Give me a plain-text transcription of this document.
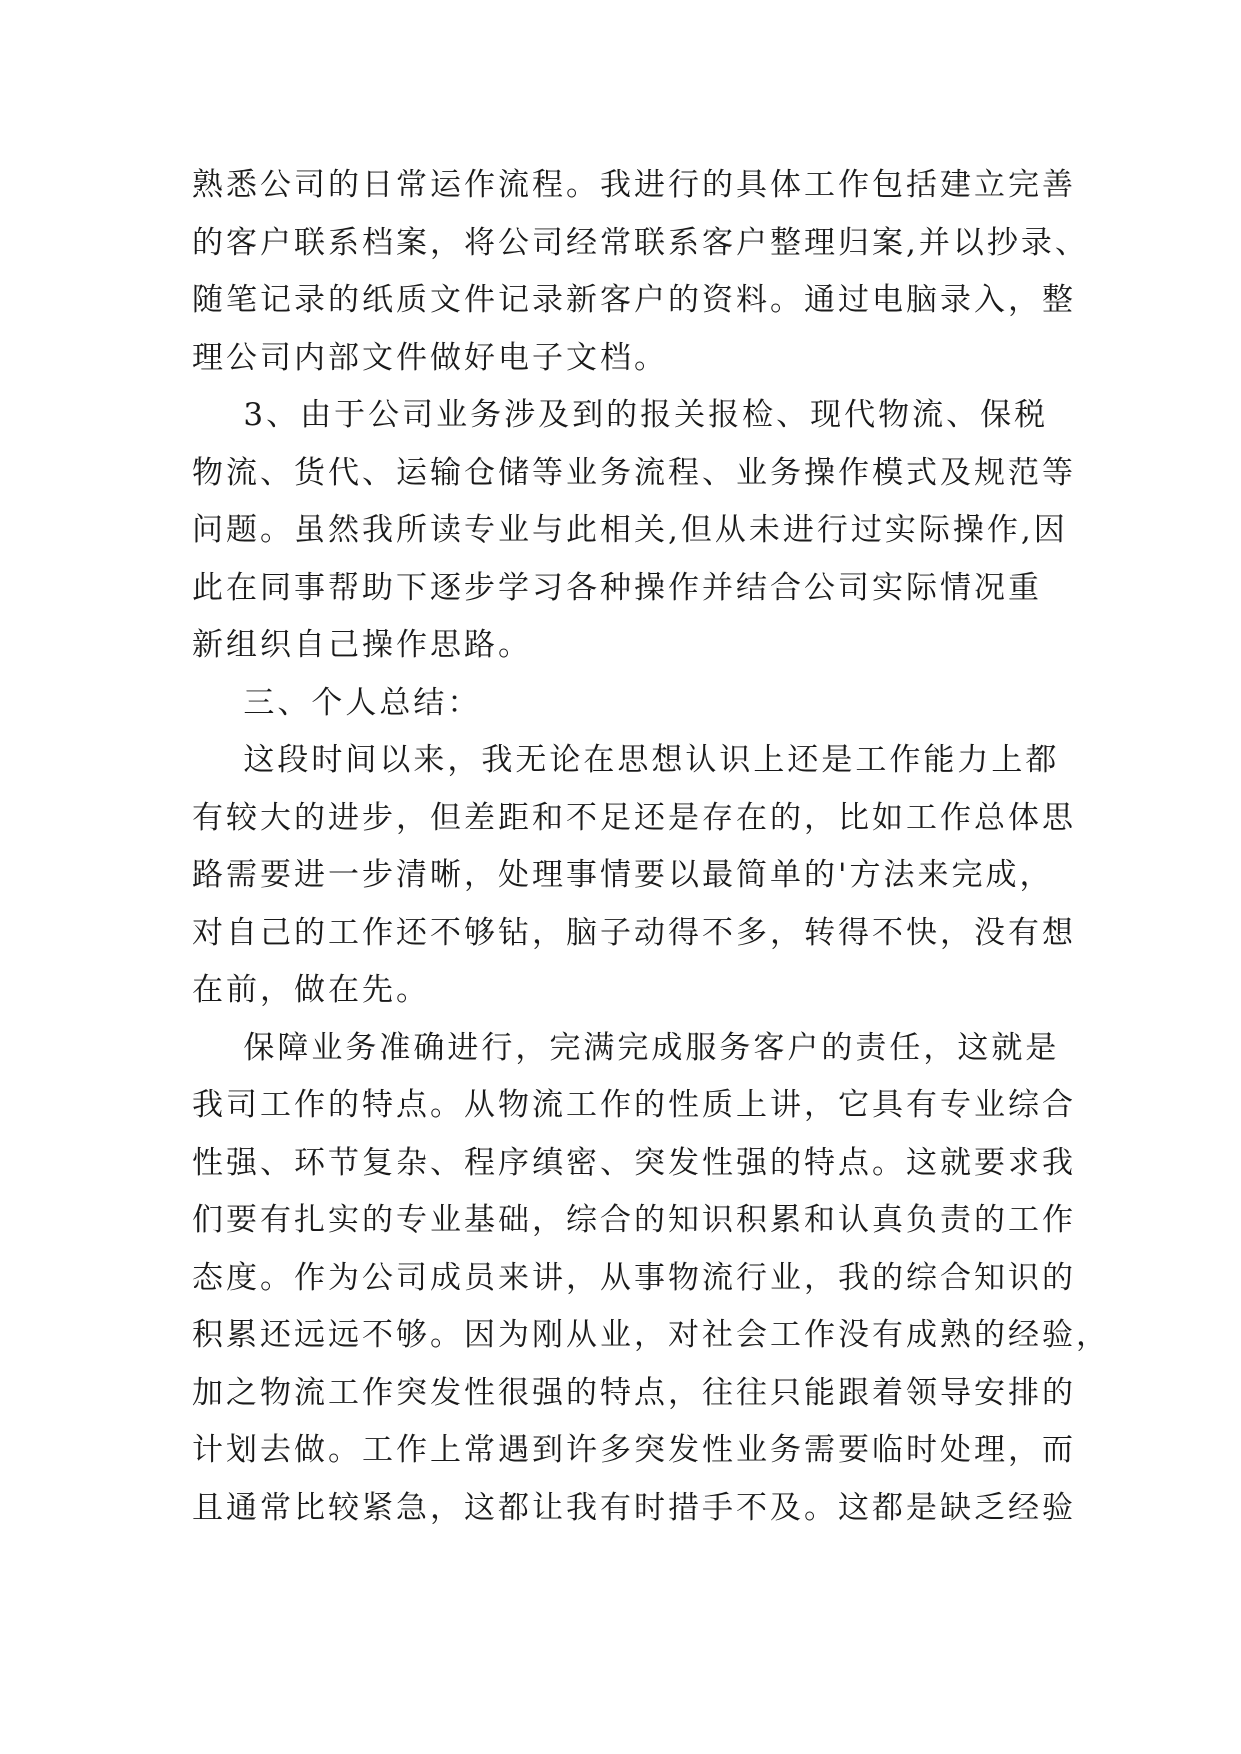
熟悉公司的日常运作流程。我进行的具体工作包括建立完善
的客户联系档案，将公司经常联系客户整理归案,并以抄录、
随笔记录的纸质文件记录新客户的资料。通过电脑录入，整
理公司内部文件做好电子文档。
3、由于公司业务涉及到的报关报检、现代物流、保税
物流、货代、运输仓储等业务流程、业务操作模式及规范等
问题。虽然我所读专业与此相关,但从未进行过实际操作,因
此在同事帮助下逐步学习各种操作并结合公司实际情况重
新组织自己操作思路。
三、个人总结：
这段时间以来，我无论在思想认识上还是工作能力上都
有较大的进步，但差距和不足还是存在的，比如工作总体思
路需要进一步清晰，处理事情要以最简单的'方法来完成，
对自己的工作还不够钻，脑子动得不多，转得不快，没有想
在前，做在先。
保障业务准确进行，完满完成服务客户的责任，这就是
我司工作的特点。从物流工作的性质上讲，它具有专业综合
性强、环节复杂、程序缜密、突发性强的特点。这就要求我
们要有扎实的专业基础，综合的知识积累和认真负责的工作
态度。作为公司成员来讲，从事物流行业，我的综合知识的
积累还远远不够。因为刚从业，对社会工作没有成熟的经验，
加之物流工作突发性很强的特点，往往只能跟着领导安排的
计划去做。工作上常遇到许多突发性业务需要临时处理，而
且通常比较紧急，这都让我有时措手不及。这都是缺乏经验
